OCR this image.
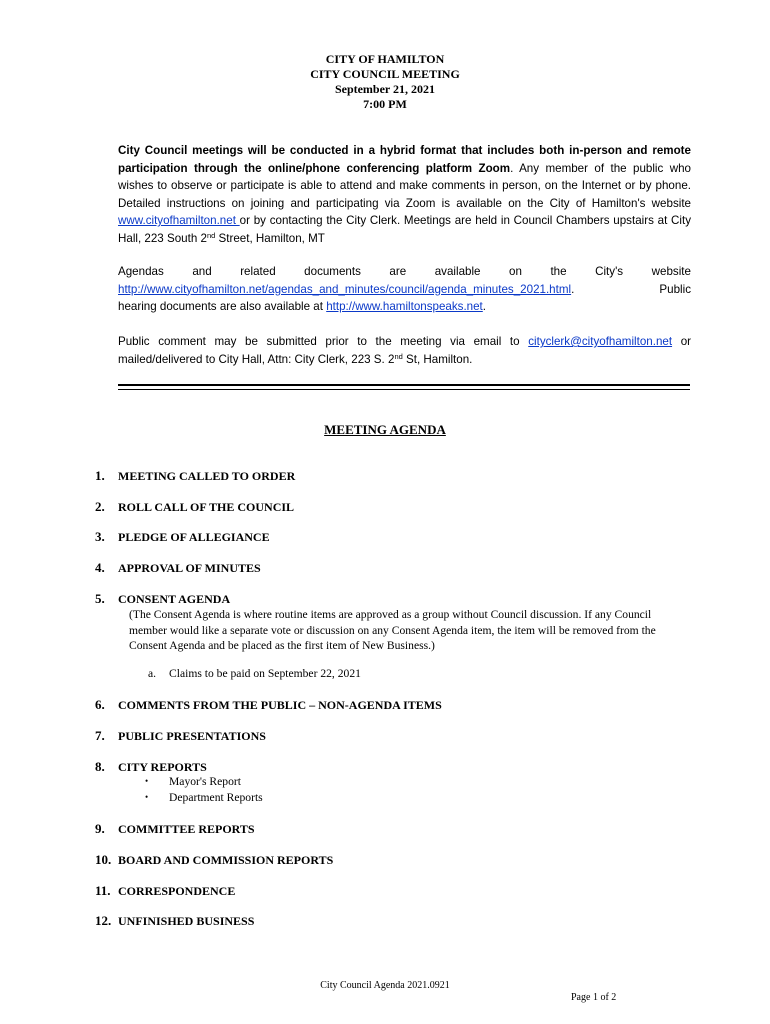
CITY OF HAMILTON
CITY COUNCIL MEETING
September 21, 2021
7:00 PM
City Council meetings will be conducted in a hybrid format that includes both in-person and remote participation through the online/phone conferencing platform Zoom. Any member of the public who wishes to observe or participate is able to attend and make comments in person, on the Internet or by phone. Detailed instructions on joining and participating via Zoom is available on the City of Hamilton's website www.cityofhamilton.net or by contacting the City Clerk. Meetings are held in Council Chambers upstairs at City Hall, 223 South 2nd Street, Hamilton, MT
Agendas and related documents are available on the City's website
http://www.cityofhamilton.net/agendas_and_minutes/council/agenda_minutes_2021.html.	Public
hearing documents are also available at http://www.hamiltonspeaks.net.
Public comment may be submitted prior to the meeting via email to cityclerk@cityofhamilton.net or mailed/delivered to City Hall, Attn: City Clerk, 223 S. 2nd St, Hamilton.
MEETING AGENDA
1. MEETING CALLED TO ORDER
2. ROLL CALL OF THE COUNCIL
3. PLEDGE OF ALLEGIANCE
4. APPROVAL OF MINUTES
5. CONSENT AGENDA
(The Consent Agenda is where routine items are approved as a group without Council discussion. If any Council member would like a separate vote or discussion on any Consent Agenda item, the item will be removed from the Consent Agenda and be placed as the first item of New Business.)
a. Claims to be paid on September 22, 2021
6. COMMENTS FROM THE PUBLIC – NON-AGENDA ITEMS
7. PUBLIC PRESENTATIONS
8. CITY REPORTS
• Mayor's Report
• Department Reports
9. COMMITTEE REPORTS
10. BOARD AND COMMISSION REPORTS
11. CORRESPONDENCE
12. UNFINISHED BUSINESS
City Council Agenda 2021.0921
Page 1 of 2
